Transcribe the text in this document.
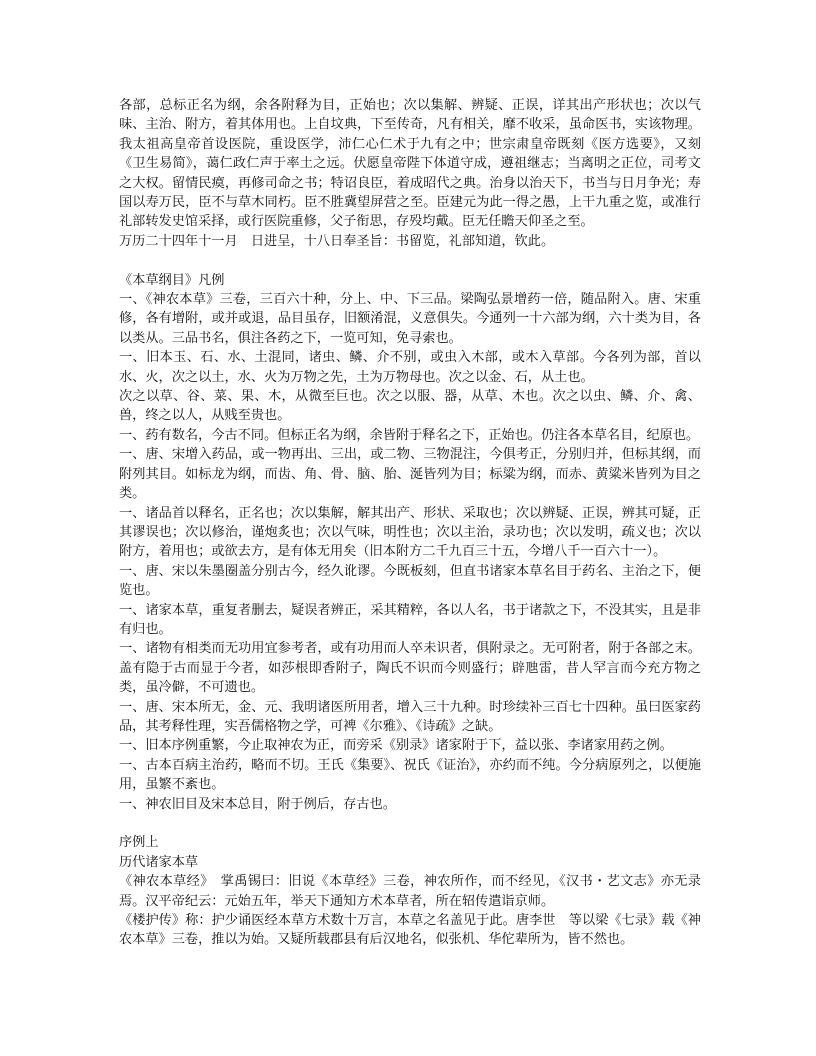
各部，总标正名为纲，余各附释为目，正始也；次以集解、辨疑、正误，详其出产形状也；次以气味、主治、附方，着其体用也。上自坟典，下至传奇，凡有相关，靡不收采，虽命医书，实该物理。我太祖高皇帝首设医院，重设医学，沛仁心仁术于九有之中；世宗肃皇帝既刻《医方选要》，又刻《卫生易简》，蔼仁政仁声于率土之远。伏愿皇帝陛下体道守成，遵祖继志；当离明之正位，司考文之大权。留情民瘼，再修司命之书；特诏良臣，着成昭代之典。治身以治天下，书当与日月争光；寿国以寿万民，臣不与草木同朽。臣不胜冀望屏营之至。臣建元为此一得之愚，上干九重之览，或准行礼部转发史馆采择，或行医院重修，父子衔思，存殁均戴。臣无任瞻天仰圣之至。

万历二十四年十一月　日进呈，十八日奉圣旨：书留览，礼部知道，钦此。

《本草纲目》凡例

一、《神农本草》三卷，三百六十种，分上、中、下三品。梁陶弘景增药一倍，随品附入。唐、宋重修，各有增附，或并或退，品目虽存，旧额淆混，义意俱失。今通列一十六部为纲，六十类为目，各以类从。三品书名，俱注各药之下，一览可知，免寻索也。

一、旧本玉、石、水、土混同，诸虫、鳞、介不别，或虫入木部，或木入草部。今各列为部，首以水、火，次之以土，水、火为万物之先，土为万物母也。次之以金、石，从土也。

次之以草、谷、菜、果、木，从微至巨也。次之以服、器，从草、木也。次之以虫、鳞、介、禽、兽，终之以人，从贱至贵也。

一、药有数名，今古不同。但标正名为纲，余皆附于释名之下，正始也。仍注各本草名目，纪原也。

一、唐、宋增入药品，或一物再出、三出，或二物、三物混注，今俱考正，分别归并，但标其纲，而附列其目。如标龙为纲，而齿、角、骨、脑、胎、涎皆列为目；标粱为纲，而赤、黄粱米皆列为目之类。

一、诸品首以释名，正名也；次以集解，解其出产、形状、采取也；次以辨疑、正误，辨其可疑，正其谬误也；次以修治，谨炮炙也；次以气味，明性也；次以主治，录功也；次以发明，疏义也；次以附方，着用也；或欲去方，是有体无用矣（旧本附方二千九百三十五，今增八千一百六十一）。

一、唐、宋以朱墨圈盖分别古今，经久讹谬。今既板刻，但直书诸家本草名目于药名、主治之下，便览也。

一、诸家本草，重复者删去，疑误者辨正，采其精粹，各以人名，书于诸款之下，不没其实，且是非有归也。

一、诸物有相类而无功用宜参考者，或有功用而人卒未识者，俱附录之。无可附者，附于各部之末。盖有隐于古而显于今者，如莎根即香附子，陶氏不识而今则盛行；辟虺雷，昔人罕言而今充方物之类，虽冷僻，不可遗也。

一、唐、宋本所无，金、元、我明诸医所用者，增入三十九种。时珍续补三百七十四种。虽曰医家药品，其考释性理，实吾儒格物之学，可裨《尔雅》、《诗疏》之缺。

一、旧本序例重繁，今止取神农为正，而旁采《别录》诸家附于下，益以张、李诸家用药之例。

一、古本百病主治药，略而不切。王氏《集要》、祝氏《证治》，亦约而不纯。今分病原列之，以便施用，虽繁不紊也。

一、神农旧目及宋本总目，附于例后，存古也。

序例上

历代诸家本草

《神农本草经》　掌禹锡曰：旧说《本草经》三卷，神农所作，而不经见，《汉书・艺文志》亦无录焉。汉平帝纪云：元始五年，举天下通知方术本草者，所在轺传遣诣京师。

《楼护传》称：护少诵医经本草方术数十万言，本草之名盖见于此。唐李世　等以梁《七录》载《神农本草》三卷，推以为始。又疑所载郡县有后汉地名，似张机、华佗辈所为，皆不然也。
